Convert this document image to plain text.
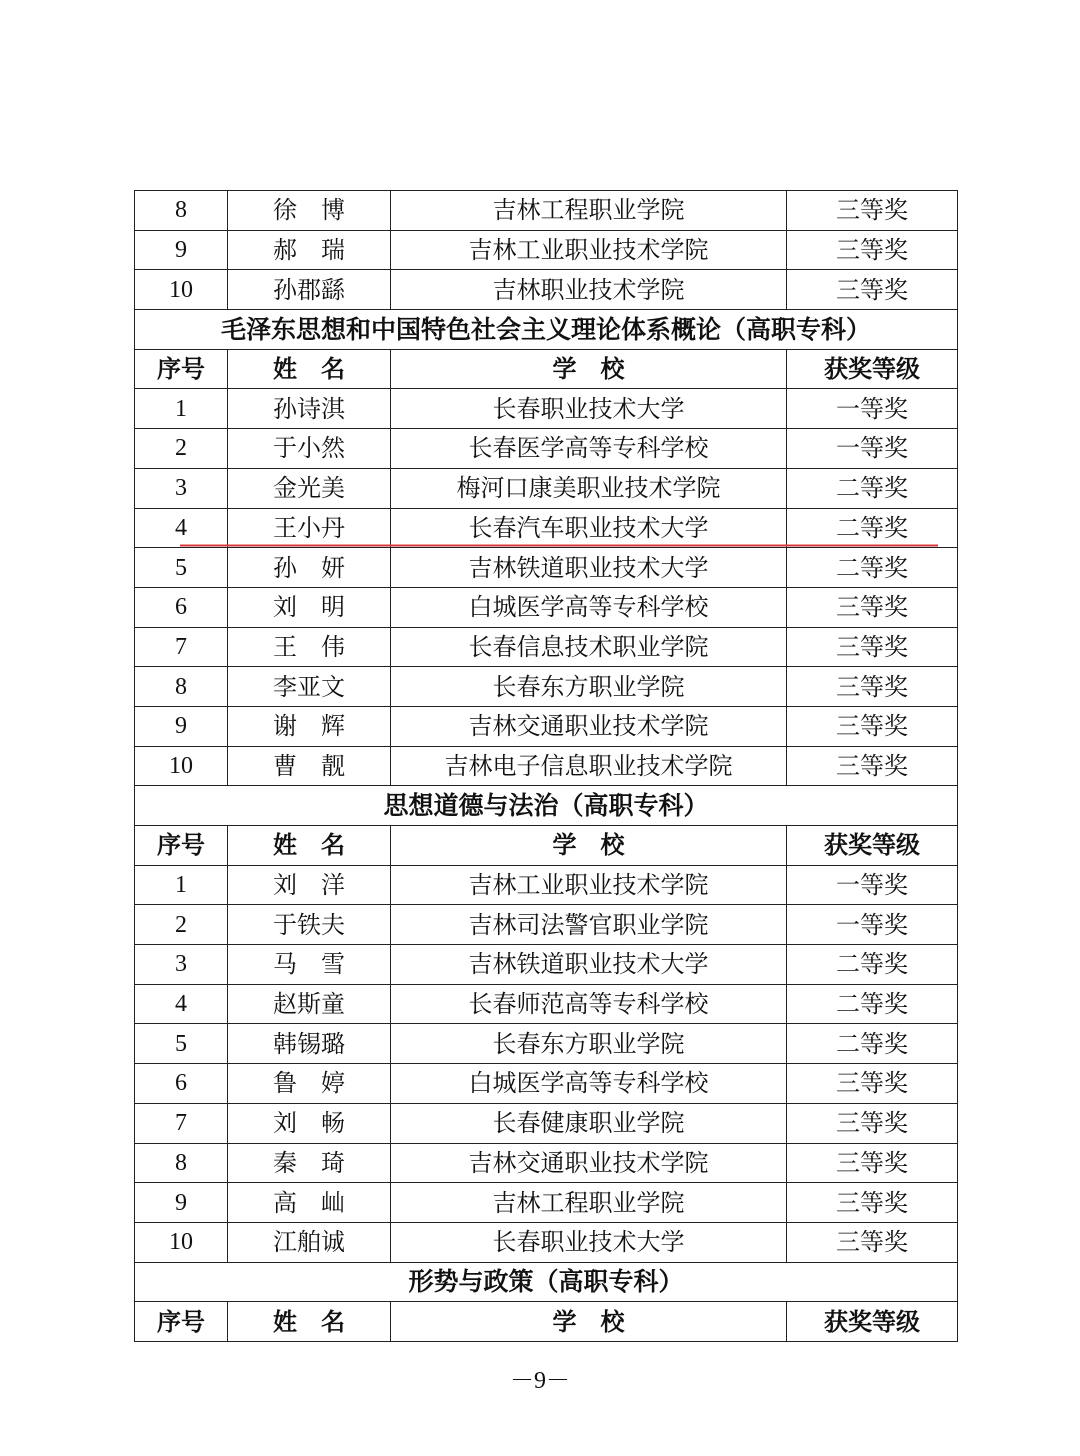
8	徐　博	吉林工程职业学院	三等奖
9	郝　瑞	吉林工业职业技术学院	三等奖
10	孙郡繇	吉林职业技术学院	三等奖
毛泽东思想和中国特色社会主义理论体系概论（高职专科）			
序号	姓　名	学　校	获奖等级
1	孙诗淇	长春职业技术大学	一等奖
2	于小然	长春医学高等专科学校	一等奖
3	金光美	梅河口康美职业技术学院	二等奖
4	王小丹	长春汽车职业技术大学	二等奖
5	孙　妍	吉林铁道职业技术大学	二等奖
6	刘　明	白城医学高等专科学校	三等奖
7	王　伟	长春信息技术职业学院	三等奖
8	李亚文	长春东方职业学院	三等奖
9	谢　辉	吉林交通职业技术学院	三等奖
10	曹　靓	吉林电子信息职业技术学院	三等奖
思想道德与法治（高职专科）			
序号	姓　名	学　校	获奖等级
1	刘　洋	吉林工业职业技术学院	一等奖
2	于铁夫	吉林司法警官职业学院	一等奖
3	马　雪	吉林铁道职业技术大学	二等奖
4	赵斯童	长春师范高等专科学校	二等奖
5	韩锡璐	长春东方职业学院	二等奖
6	鲁　婷	白城医学高等专科学校	三等奖
7	刘　畅	长春健康职业学院	三等奖
8	秦　琦	吉林交通职业技术学院	三等奖
9	高　屾	吉林工程职业学院	三等奖
10	江舶诚	长春职业技术大学	三等奖
形势与政策（高职专科）			
序号	姓　名	学　校	获奖等级
－9－
